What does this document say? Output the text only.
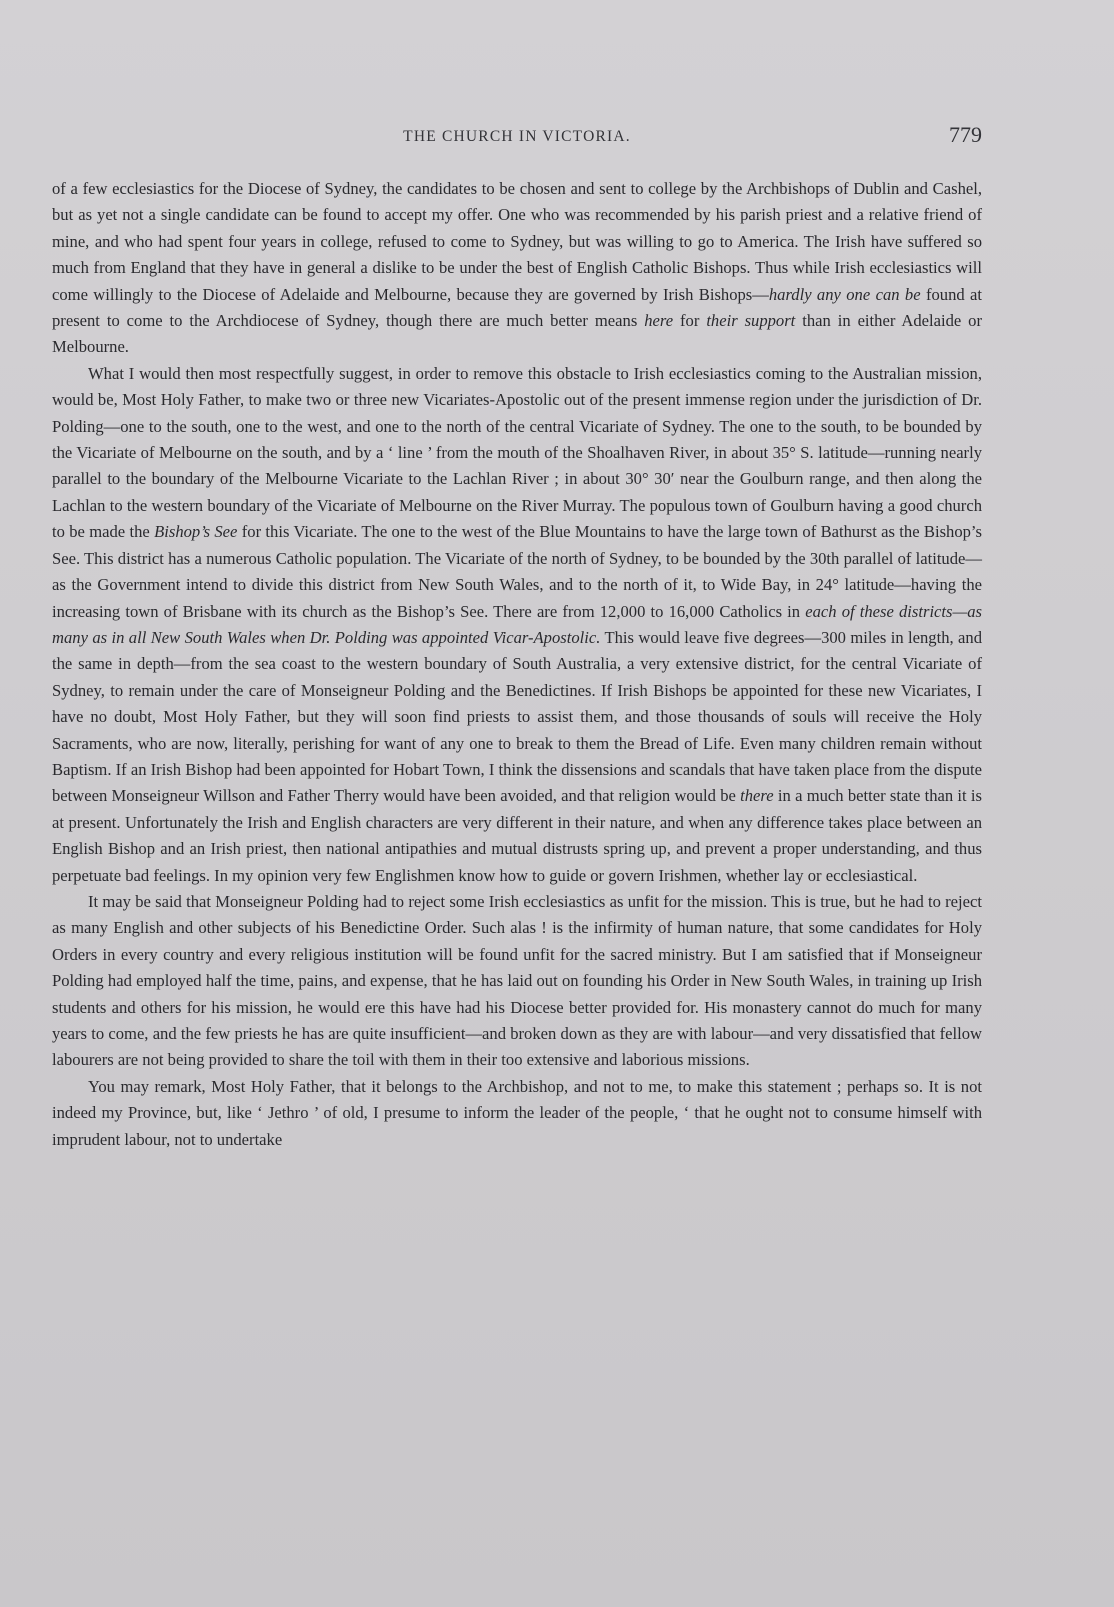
THE CHURCH IN VICTORIA.	779

of a few ecclesiastics for the Diocese of Sydney, the candidates to be chosen and sent to college by the Archbishops of Dublin and Cashel, but as yet not a single candidate can be found to accept my offer. One who was recommended by his parish priest and a relative friend of mine, and who had spent four years in college, refused to come to Sydney, but was willing to go to America. The Irish have suffered so much from England that they have in general a dislike to be under the best of English Catholic Bishops. Thus while Irish ecclesiastics will come willingly to the Diocese of Adelaide and Melbourne, because they are governed by Irish Bishops—hardly any one can be found at present to come to the Archdiocese of Sydney, though there are much better means here for their support than in either Adelaide or Melbourne.

What I would then most respectfully suggest, in order to remove this obstacle to Irish ecclesiastics coming to the Australian mission, would be, Most Holy Father, to make two or three new Vicariates-Apostolic out of the present immense region under the jurisdiction of Dr. Polding—one to the south, one to the west, and one to the north of the central Vicariate of Sydney. The one to the south, to be bounded by the Vicariate of Melbourne on the south, and by a ‘ line ’ from the mouth of the Shoalhaven River, in about 35° S. latitude—running nearly parallel to the boundary of the Melbourne Vicariate to the Lachlan River ; in about 30° 30′ near the Goulburn range, and then along the Lachlan to the western boundary of the Vicariate of Melbourne on the River Murray. The populous town of Goulburn having a good church to be made the Bishop’s See for this Vicariate. The one to the west of the Blue Mountains to have the large town of Bathurst as the Bishop’s See. This district has a numerous Catholic population. The Vicariate of the north of Sydney, to be bounded by the 30th parallel of latitude—as the Government intend to divide this district from New South Wales, and to the north of it, to Wide Bay, in 24° latitude—having the increasing town of Brisbane with its church as the Bishop’s See. There are from 12,000 to 16,000 Catholics in each of these districts—as many as in all New South Wales when Dr. Polding was appointed Vicar-Apostolic. This would leave five degrees—300 miles in length, and the same in depth—from the sea coast to the western boundary of South Australia, a very extensive district, for the central Vicariate of Sydney, to remain under the care of Monseigneur Polding and the Benedictines. If Irish Bishops be appointed for these new Vicariates, I have no doubt, Most Holy Father, but they will soon find priests to assist them, and those thousands of souls will receive the Holy Sacraments, who are now, literally, perishing for want of any one to break to them the Bread of Life. Even many children remain without Baptism. If an Irish Bishop had been appointed for Hobart Town, I think the dissensions and scandals that have taken place from the dispute between Monseigneur Willson and Father Therry would have been avoided, and that religion would be there in a much better state than it is at present. Unfortunately the Irish and English characters are very different in their nature, and when any difference takes place between an English Bishop and an Irish priest, then national antipathies and mutual distrusts spring up, and prevent a proper understanding, and thus perpetuate bad feelings. In my opinion very few Englishmen know how to guide or govern Irishmen, whether lay or ecclesiastical.

It may be said that Monseigneur Polding had to reject some Irish ecclesiastics as unfit for the mission. This is true, but he had to reject as many English and other subjects of his Benedictine Order. Such alas ! is the infirmity of human nature, that some candidates for Holy Orders in every country and every religious institution will be found unfit for the sacred ministry. But I am satisfied that if Monseigneur Polding had employed half the time, pains, and expense, that he has laid out on founding his Order in New South Wales, in training up Irish students and others for his mission, he would ere this have had his Diocese better provided for. His monastery cannot do much for many years to come, and the few priests he has are quite insufficient—and broken down as they are with labour—and very dissatisfied that fellow labourers are not being provided to share the toil with them in their too extensive and laborious missions.

You may remark, Most Holy Father, that it belongs to the Archbishop, and not to me, to make this statement ; perhaps so. It is not indeed my Province, but, like ‘ Jethro ’ of old, I presume to inform the leader of the people, ‘ that he ought not to consume himself with imprudent labour, not to undertake
